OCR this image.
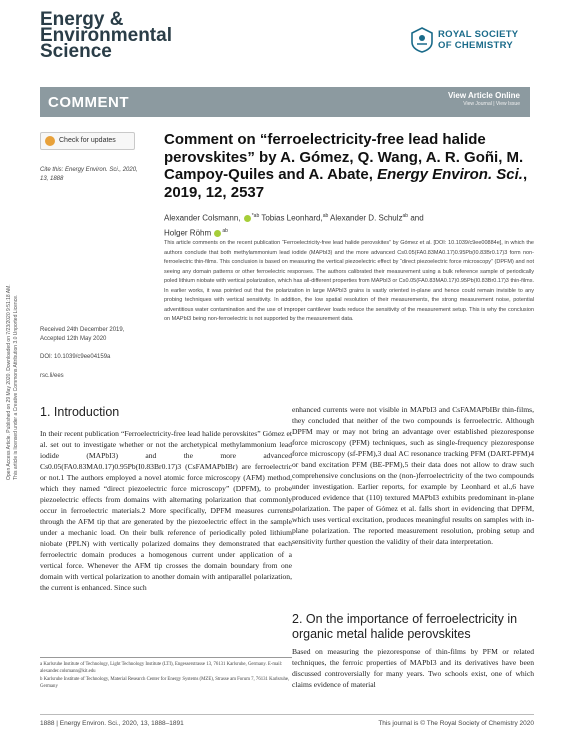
Open Access Article. Published on 29 May 2020. Downloaded on 7/23/2020 9:51:18 AM. This article is licensed under a Creative Commons Attribution 3.0 Unported Licence.
Energy &
Environmental
Science
ROYAL SOCIETY
OF CHEMISTRY
COMMENT	View Article Online
View Journal | View Issue
Check for updates
Cite this: Energy Environ. Sci., 2020, 13, 1888
Received 24th December 2019,
Accepted 12th May 2020
DOI: 10.1039/c9ee04159a
rsc.li/ees
Comment on “ferroelectricity-free lead halide perovskites” by A. Gómez, Q. Wang, A. R. Goñi, M. Campoy-Quiles and A. Abate, Energy Environ. Sci., 2019, 12, 2537
Alexander Colsmann, $^{*ab}$ Tobias Leonhard,$^{ab}$ Alexander D. Schulz$^{ab}$ and
Holger Röhm $^{ab}$

This article comments on the recent publication “Ferroelectricity-free lead halide perovskites” by Gómez et al. [DOI: 10.1039/c9ee00884e], in which the authors conclude that both methylammonium lead iodide (MAPbI3) and the more advanced Cs0.05(FA0.83MA0.17)0.95Pb(I0.83Br0.17)3 form non-ferroelectric thin-films. This conclusion is based on measuring the vertical piezoelectric effect by “direct piezoelectric force microscopy” (DPFM) and not seeing any domain patterns or other ferroelectric responses. The authors calibrated their measurement using a bulk reference sample of periodically poled lithium niobate with vertical polarization, which has all-different properties from MAPbI3 or Cs0.05(FA0.83MA0.17)0.95Pb(I0.83Br0.17)3 thin-films. In earlier works, it was pointed out that the polarization in large MAPbI3 grains is vastly oriented in-plane and hence could remain invisible to any probing techniques with vertical sensitivity. In addition, the low spatial resolution of their measurements, the strong measurement noise, potential adventitious water contamination and the use of improper cantilever loads reduce the sensitivity of the measurement setup. This is why the conclusion on MAPbI3 being non-ferroelectric is not supported by the measurement data.

1. Introduction

In their recent publication “Ferroelectricity-free lead halide perovskites” Gómez et al. set out to investigate whether or not the archetypical methylammonium lead iodide (MAPbI3) and the more advanced Cs0.05(FA0.83MA0.17)0.95Pb(I0.83Br0.17)3 (CsFAMAPbIBr) are ferroelectric or not.1 The authors employed a novel atomic force microscopy (AFM) method, which they named “direct piezoelectric force microscopy” (DPFM), to probe piezoelectric effects from domains with alternating polarization that commonly occur in ferroelectric materials.2 More specifically, DPFM measures currents through the AFM tip that are generated by the piezoelectric effect in the sample under a mechanic load. On their bulk reference of periodically poled lithium niobate (PPLN) with vertically polarized domains they demonstrated that each ferroelectric domain produces a homogenous current under application of a vertical force. Whenever the AFM tip crosses the domain boundary from one domain with vertical polarization to another domain with antiparallel polarization, the current is enhanced. Since such

enhanced currents were not visible in MAPbI3 and CsFAMAPbIBr thin-films, they concluded that neither of the two compounds is ferroelectric. Although DPFM may or may not bring an advantage over established piezoresponse force microscopy (PFM) techniques, such as single-frequency piezoresponse force microscopy (sf-PFM),3 dual AC resonance tracking PFM (DART-PFM)4 or band excitation PFM (BE-PFM),5 their data does not allow to draw such comprehensive conclusions on the (non-)ferroelectricity of the two compounds under investigation. Earlier reports, for example by Leonhard et al.,6 have produced evidence that (110) textured MAPbI3 exhibits predominant in-plane polarization. The paper of Gómez et al. falls short in evidencing that DPFM, which uses vertical excitation, produces meaningful results on samples with in-plane polarization. The reported measurement resolution, probing setup and sensitivity further question the validity of their data interpretation.

2. On the importance of ferroelectricity in organic metal halide perovskites

Based on measuring the piezoresponse of thin-films by PFM or related techniques, the ferroic properties of MAPbI3 and its derivatives have been discussed controversially for many years. Two schools exist, one of which claims evidence of material

a Karlsruhe Institute of Technology, Light Technology Institute (LTI), Engesserstrasse 13, 76131 Karlsruhe, Germany. E-mail: alexander.colsmann@kit.edu

b Karlsruhe Institute of Technology, Material Research Center for Energy Systems (MZE), Strasse am Forum 7, 76131 Karlsruhe, Germany

1888 | Energy Environ. Sci., 2020, 13, 1888–1891	This journal is © The Royal Society of Chemistry 2020
